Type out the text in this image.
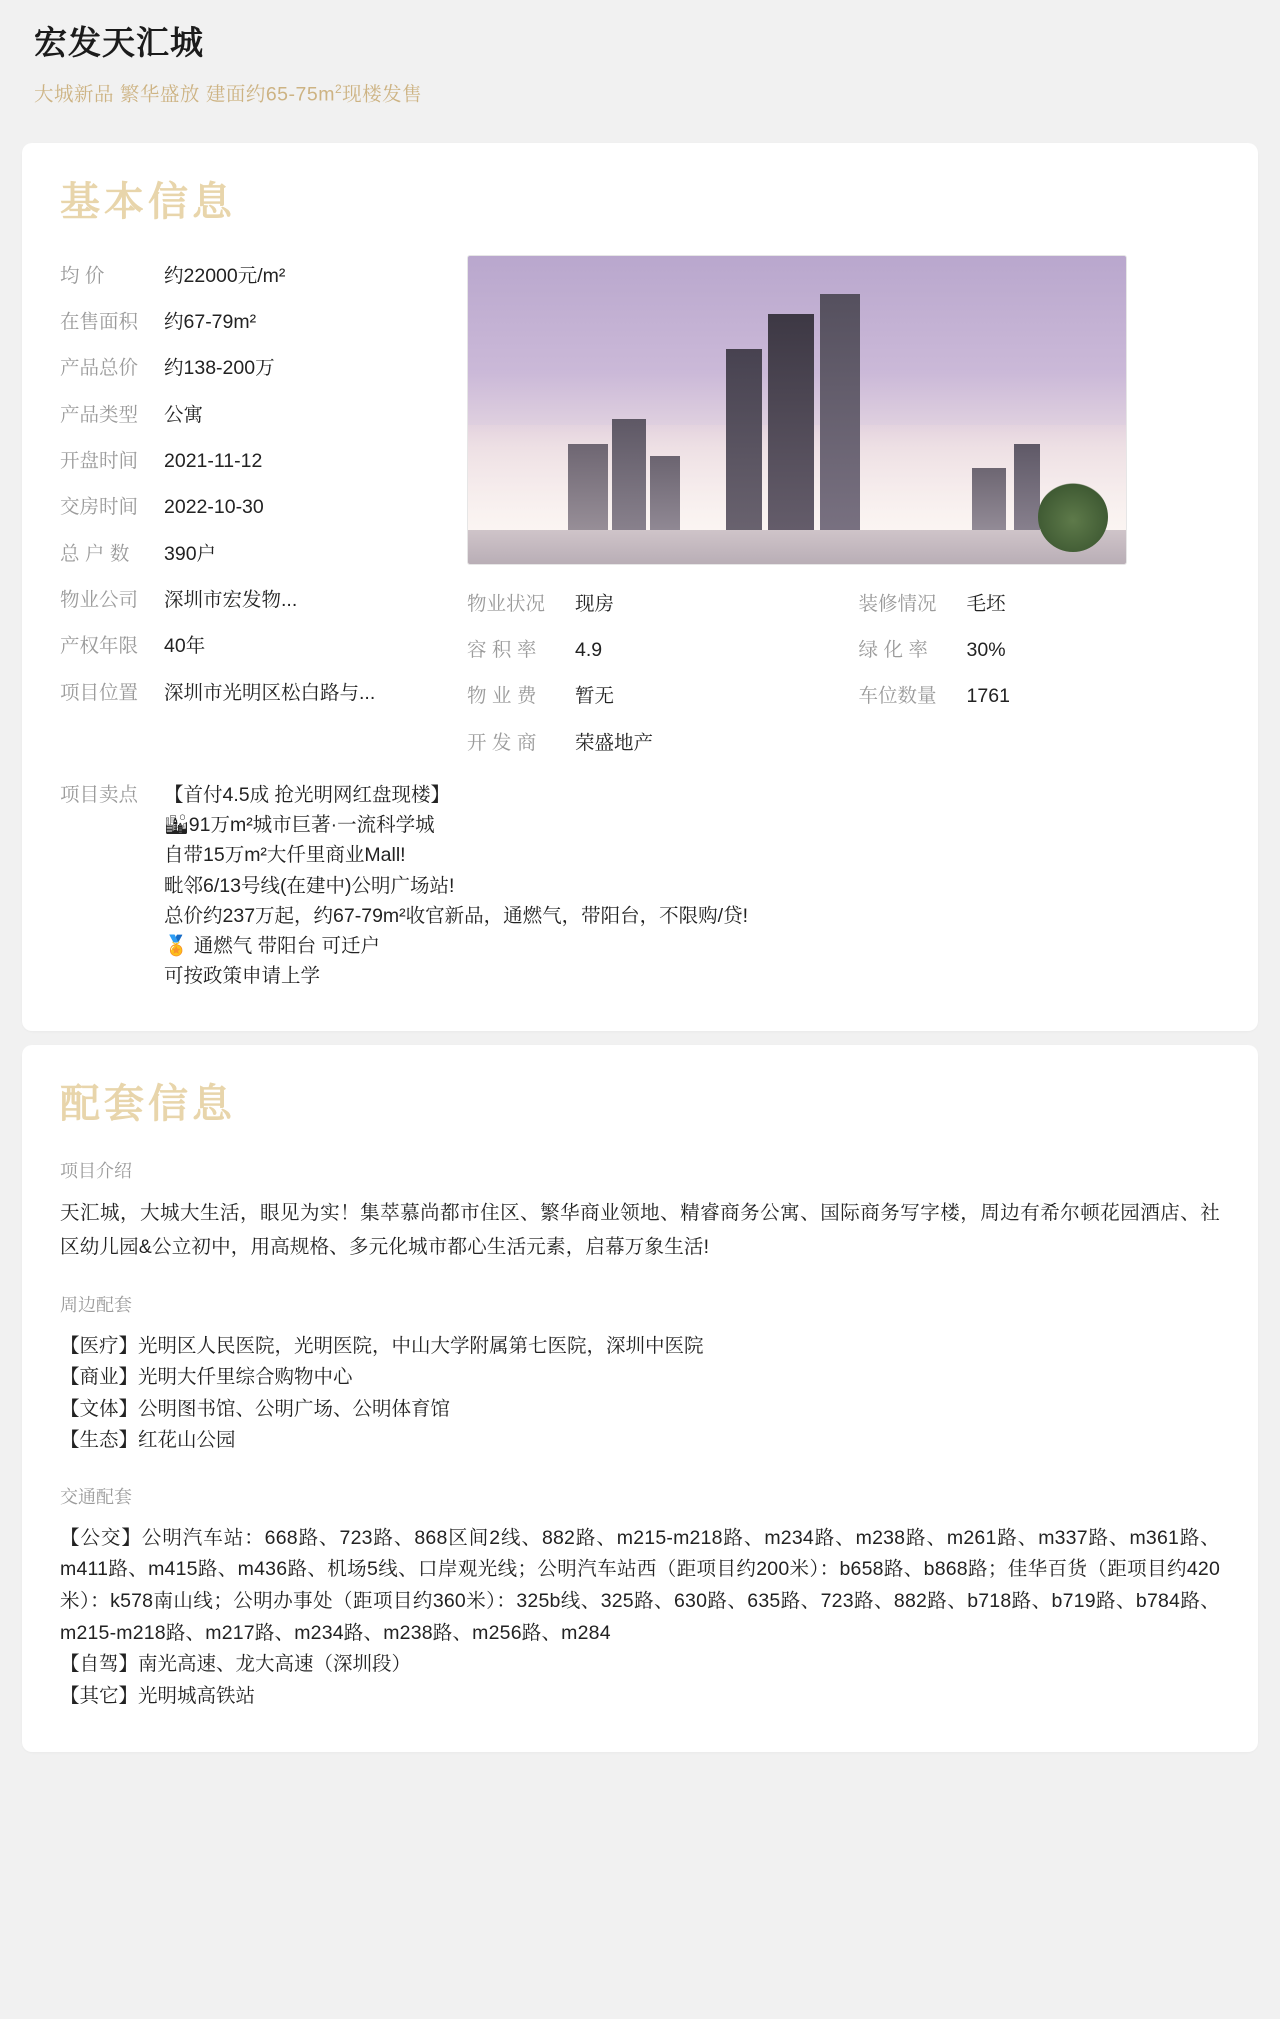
宏发天汇城
大城新品 繁华盛放 建面约$65-75m^2$现楼发售
基本信息
均 价	约22000元/m²
在售面积	约67-79m²
产品总价	约138-200万
产品类型	公寓
开盘时间	2021-11-12
交房时间	2022-10-30
总 户 数	390户
物业公司	深圳市宏发物...
产权年限	40年
项目位置	深圳市光明区松白路与...
物业状况	现房
容 积 率	4.9
物 业 费	暂无
开 发 商	荣盛地产
装修情况	毛坯
绿 化 率	30%
车位数量	1761
项目卖点	【首付4.5成 抢光明网红盘现楼】
🏙91万m²城市巨著·一流科学城
自带15万m²大仟里商业Mall!
毗邻6/13号线(在建中)公明广场站!
总价约237万起，约67-79m²收官新品，通燃气，带阳台，不限购/贷!
🏅 通燃气 带阳台 可迁户
可按政策申请上学
配套信息
项目介绍
天汇城，大城大生活，眼见为实！集萃慕尚都市住区、繁华商业领地、精睿商务公寓、国际商务写字楼，周边有希尔顿花园酒店、社区幼儿园&公立初中，用高规格、多元化城市都心生活元素，启幕万象生活!
周边配套
【医疗】光明区人民医院，光明医院，中山大学附属第七医院，深圳中医院
【商业】光明大仟里综合购物中心
【文体】公明图书馆、公明广场、公明体育馆
【生态】红花山公园
交通配套
【公交】公明汽车站：668路、723路、868区间2线、882路、m215-m218路、m234路、m238路、m261路、m337路、m361路、m411路、m415路、m436路、机场5线、口岸观光线；公明汽车站西（距项目约200米）：b658路、b868路；佳华百货（距项目约420米）：k578南山线；公明办事处（距项目约360米）：325b线、325路、630路、635路、723路、882路、b718路、b719路、b784路、m215-m218路、m217路、m234路、m238路、m256路、m284
【自驾】南光高速、龙大高速（深圳段）
【其它】光明城高铁站
